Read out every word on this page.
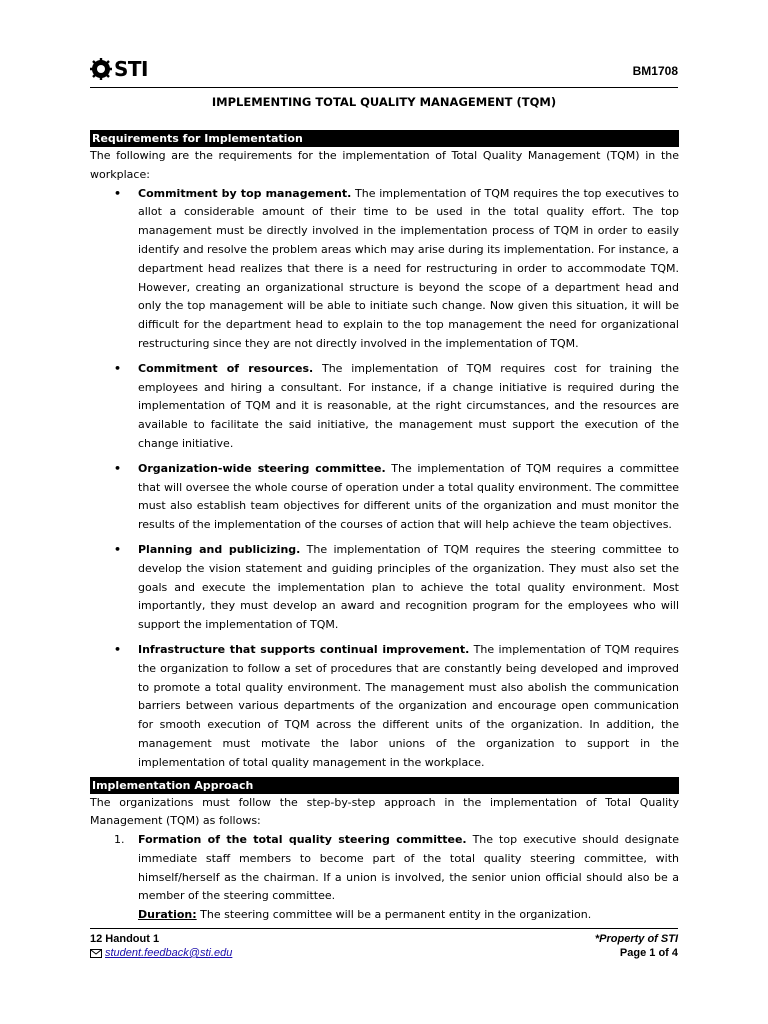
STI	BM1708
IMPLEMENTING TOTAL QUALITY MANAGEMENT (TQM)
Requirements for Implementation

The following are the requirements for the implementation of Total Quality Management (TQM) in the workplace:

• Commitment by top management. The implementation of TQM requires the top executives to allot a considerable amount of their time to be used in the total quality effort. The top management must be directly involved in the implementation process of TQM in order to easily identify and resolve the problem areas which may arise during its implementation. For instance, a department head realizes that there is a need for restructuring in order to accommodate TQM. However, creating an organizational structure is beyond the scope of a department head and only the top management will be able to initiate such change. Now given this situation, it will be difficult for the department head to explain to the top management the need for organizational restructuring since they are not directly involved in the implementation of TQM.
• Commitment of resources. The implementation of TQM requires cost for training the employees and hiring a consultant. For instance, if a change initiative is required during the implementation of TQM and it is reasonable, at the right circumstances, and the resources are available to facilitate the said initiative, the management must support the execution of the change initiative.
• Organization-wide steering committee. The implementation of TQM requires a committee that will oversee the whole course of operation under a total quality environment. The committee must also establish team objectives for different units of the organization and must monitor the results of the implementation of the courses of action that will help achieve the team objectives.
• Planning and publicizing. The implementation of TQM requires the steering committee to develop the vision statement and guiding principles of the organization. They must also set the goals and execute the implementation plan to achieve the total quality environment. Most importantly, they must develop an award and recognition program for the employees who will support the implementation of TQM.
• Infrastructure that supports continual improvement. The implementation of TQM requires the organization to follow a set of procedures that are constantly being developed and improved to promote a total quality environment. The management must also abolish the communication barriers between various departments of the organization and encourage open communication for smooth execution of TQM across the different units of the organization. In addition, the management must motivate the labor unions of the organization to support in the implementation of total quality management in the workplace.
Implementation Approach

The organizations must follow the step-by-step approach in the implementation of Total Quality Management (TQM) as follows:

1. Formation of the total quality steering committee. The top executive should designate immediate staff members to become part of the total quality steering committee, with himself/herself as the chairman. If a union is involved, the senior union official should also be a member of the steering committee.
Duration: The steering committee will be a permanent entity in the organization.
12 Handout 1
student.feedback@sti.edu
*Property of STI
Page 1 of 4
